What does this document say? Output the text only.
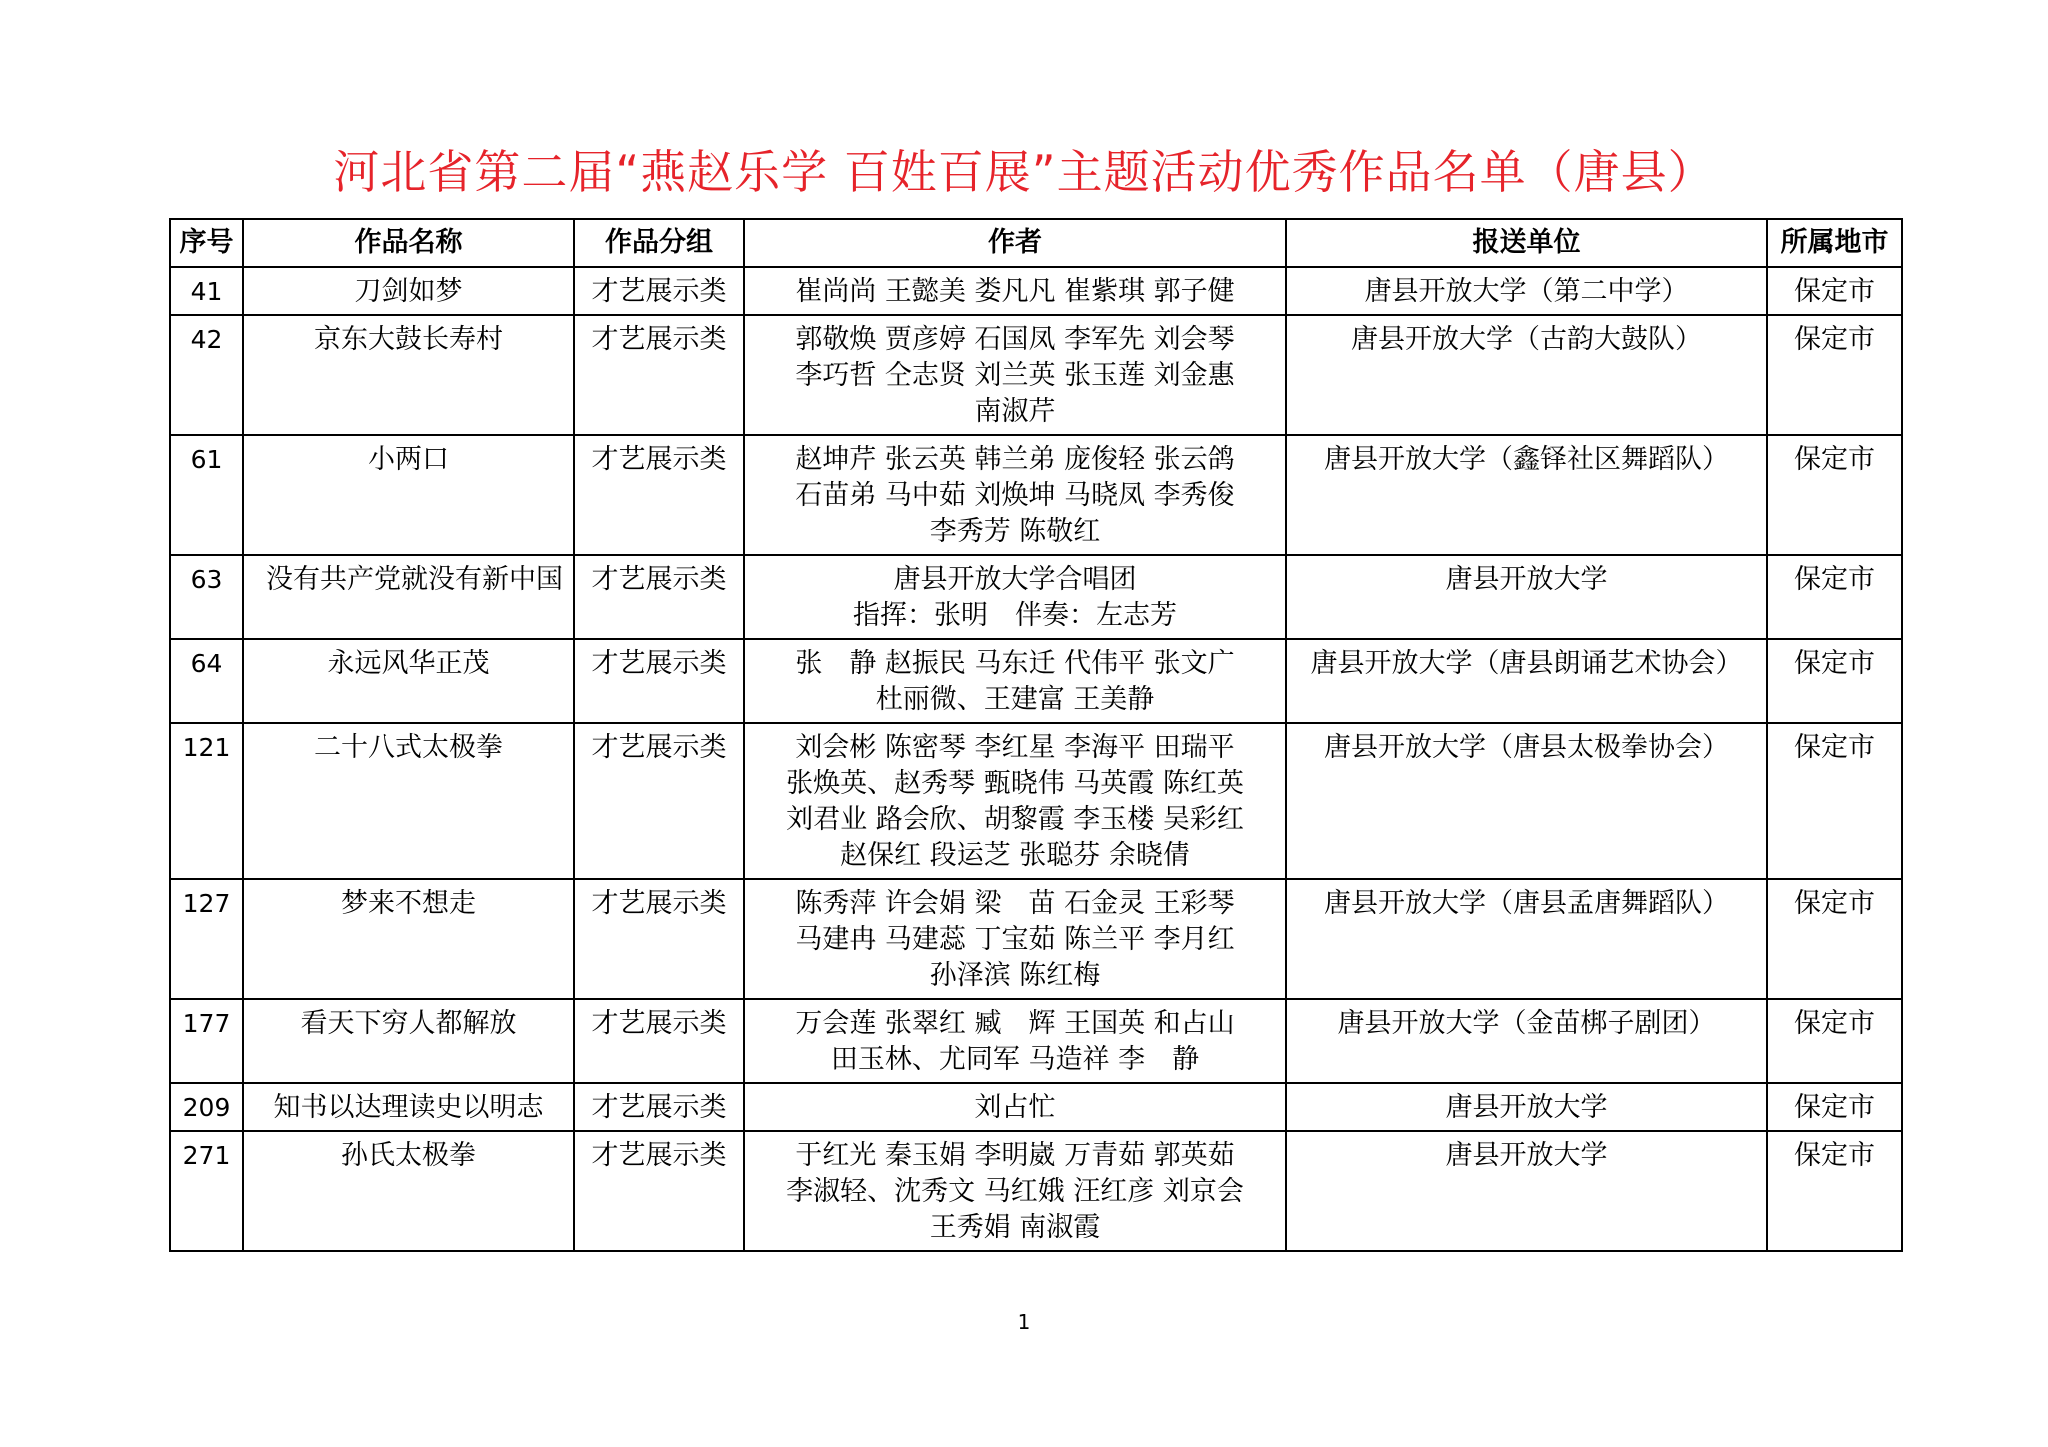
河北省第二届“燕赵乐学 百姓百展”主题活动优秀作品名单（唐县）
序号	作品名称	作品分组	作者	报送单位	所属地市
41	刀剑如梦	才艺展示类	崔尚尚 王懿美 娄凡凡 崔紫琪 郭子健	唐县开放大学（第二中学）	保定市
42	京东大鼓长寿村	才艺展示类	郭敬焕 贾彦婷 石国凤 李军先 刘会琴
李巧哲 仝志贤 刘兰英 张玉莲 刘金惠
南淑芹	唐县开放大学（古韵大鼓队）	保定市
61	小两口	才艺展示类	赵坤芹 张云英 韩兰弟 庞俊轻 张云鸽
石苗弟 马中茹 刘焕坤 马晓凤 李秀俊
李秀芳 陈敬红	唐县开放大学（鑫铎社区舞蹈队）	保定市
63	没有共产党就没有新中国	才艺展示类	唐县开放大学合唱团
指挥：张明　伴奏：左志芳	唐县开放大学	保定市
64	永远风华正茂	才艺展示类	张　静 赵振民 马东迁 代伟平 张文广
杜丽微、王建富 王美静	唐县开放大学（唐县朗诵艺术协会）	保定市
121	二十八式太极拳	才艺展示类	刘会彬 陈密琴 李红星 李海平 田瑞平
张焕英、赵秀琴 甄晓伟 马英霞 陈红英
刘君业 路会欣、胡黎霞 李玉楼 吴彩红
赵保红 段运芝 张聪芬 余晓倩	唐县开放大学（唐县太极拳协会）	保定市
127	梦来不想走	才艺展示类	陈秀萍 许会娟 梁　苗 石金灵 王彩琴
马建冉 马建蕊 丁宝茹 陈兰平 李月红
孙泽滨 陈红梅	唐县开放大学（唐县孟唐舞蹈队）	保定市
177	看天下穷人都解放	才艺展示类	万会莲 张翠红 臧　辉 王国英 和占山
田玉林、尤同军 马造祥 李　静	唐县开放大学（金苗梆子剧团）	保定市
209	知书以达理读史以明志	才艺展示类	刘占忙	唐县开放大学	保定市
271	孙氏太极拳	才艺展示类	于红光 秦玉娟 李明崴 万青茹 郭英茹
李淑轻、沈秀文 马红娥 汪红彦 刘京会
王秀娟 南淑霞	唐县开放大学	保定市
1
